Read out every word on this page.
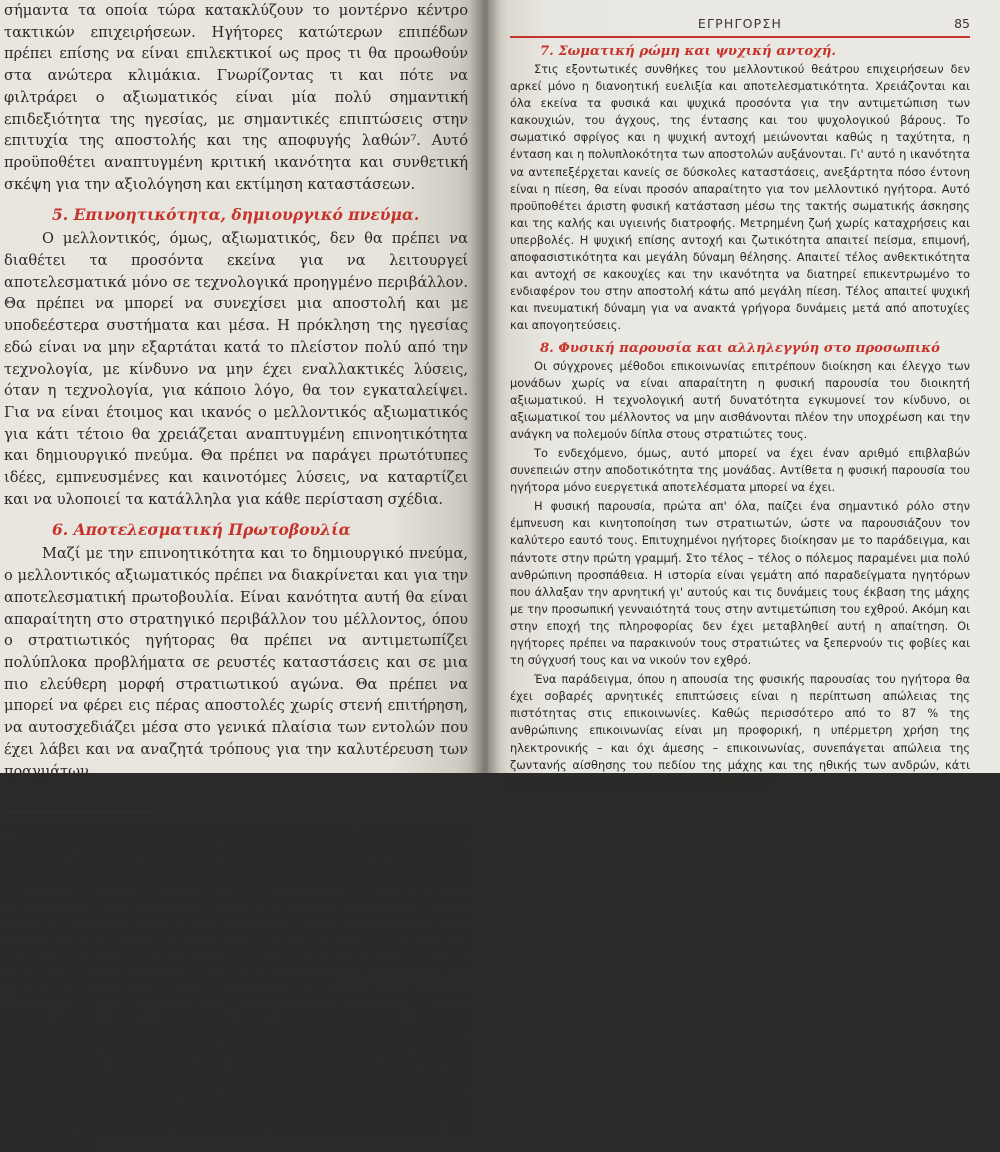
σήμαντα τα οποία τώρα κατακλύζουν το μοντέρνο κέντρο τακτικών επιχειρήσεων. Ηγήτορες κατώτερων επιπέδων πρέπει επίσης να είναι επιλεκτικοί ως προς τι θα προωθούν στα ανώτερα κλιμάκια. Γνωρίζοντας τι και πότε να φιλτράρει ο αξιωματικός είναι μία πολύ σημαντική επιδεξιότητα της ηγεσίας, με σημαντικές επιπτώσεις στην επιτυχία της αποστολής και της αποφυγής λαθών⁷. Αυτό προϋποθέτει αναπτυγμένη κριτική ικανότητα και συνθετική σκέψη για την αξιολόγηση και εκτίμηση καταστάσεων.

5. Επινοητικότητα, δημιουργικό πνεύμα.

Ο μελλοντικός, όμως, αξιωματικός, δεν θα πρέπει να διαθέτει τα προσόντα εκείνα για να λειτουργεί αποτελεσματικά μόνο σε τεχνολογικά προηγμένο περιβάλλον. Θα πρέπει να μπορεί να συνεχίσει μια αποστολή και με υποδεέστερα συστήματα και μέσα. Η πρόκληση της ηγεσίας εδώ είναι να μην εξαρτάται κατά το πλείστον πολύ από την τεχνολογία, με κίνδυνο να μην έχει εναλλακτικές λύσεις, όταν η τεχνολογία, για κάποιο λόγο, θα τον εγκαταλείψει. Για να είναι έτοιμος και ικανός ο μελλοντικός αξιωματικός για κάτι τέτοιο θα χρειάζεται αναπτυγμένη επινοητικότητα και δημιουργικό πνεύμα. Θα πρέπει να παράγει πρωτότυπες ιδέες, εμπνευσμένες και καινοτόμες λύσεις, να καταρτίζει και να υλοποιεί τα κατάλληλα για κάθε περίσταση σχέδια.

6. Αποτελεσματική Πρωτοβουλία

Μαζί με την επινοητικότητα και το δημιουργικό πνεύμα, ο μελλοντικός αξιωματικός πρέπει να διακρίνεται και για την αποτελεσματική πρωτοβουλία. Είναι κανότητα αυτή θα είναι απαραίτητη στο στρατηγικό περιβάλλον του μέλλοντος, όπου ο στρατιωτικός ηγήτορας θα πρέπει να αντιμετωπίζει πολύπλοκα προβλήματα σε ρευστές καταστάσεις και σε μια πιο ελεύθερη μορφή στρατιωτικού αγώνα. Θα πρέπει να μπορεί να φέρει εις πέρας αποστολές χωρίς στενή επιτήρηση, να αυτοσχεδιάζει μέσα στο γενικά πλαίσια των εντολών που έχει λάβει και να αναζητά τρόπους για την καλυτέρευση των πραγμάτων.

$^7$ Παραδείγματα από πρόσφατες πολεμικές επιχειρήσεις μας υπενθυμίζουν ότι το θέμα της λήψης αποφάσεων, ακόμα και στην εποχή της πληροφορίας, παραμένει υποκείμενο σε λάθη και αστοχίες. Συγκεκριμένα «η επιτροπή της έρευνας για την προσβολή και κατάρριψη ενός ιρανικού αεροσκάφους στην ζώνη του πολέμου του Κόλπου από το USS Vincennes το 1988 κατέληξε ότι το σύστημα πυραύλων Aegis του πολεμικού πλοίου, ικανό να αναγνωρίζει και να «κλειδώνει» μεγάλο αριθμό στόχων σε μεγάλη ακτίνα, χρησιμοποιώντας σε μεγάλο βαθμό «τεχνική νοημοσύνη» έδωσε αντιδράσει λανθασμένα. Αυτό δεν προκλήθηκε από κάποια τεχνική βλάβη αλλά από ανθρώπινο λάθος. Τα δεδομένα, είχαν «αξιολογηθεί λάθος» από το πλήρωμα.
Ένα άλλο χαρακτηριστικό παράδειγμα είναι «το αδελφοκτόνο ατύχημα στο Βόρειο Ιράκ. Στην περίπτωση, ένα αεροματαφερόμενο σύστημα προειδοποίησης και ελέγχου και ένα πλήθος πληροφοριών, όμως κατέρριψαν εσφαλμένα δύο φιλικά ελικόπτερα. Αυτό το αναγνώρισαν και στη συνέχεια προσέβαλαν και κατέστρεψαν, μεν την σωστή πληροφορία, αλλά το δυο ατυχέστατα παραδείγματα τεχνολογίας που μας παρέχει από αυτό συνάγεται ότι η ερμηνευμένη με λάθος τρόπο. Λάθος που οδήγησε στην καταστροφή». Από αυτό συνάγεται ότι η εσφαλμένη πληροφορία δεν είναι λύση για σωστή πληροφορία σε περιβάλλον πολεμικό στην εποχή της πληροφορίας και της πληροφόρησης.

ΕΓΡΗΓΟΡΣΗ	85
7. Σωματική ρώμη και ψυχική αντοχή.

Στις εξοντωτικές συνθήκες του μελλοντικού θεάτρου επιχειρήσεων δεν αρκεί μόνο η διανοητική ευελιξία και αποτελεσματικότητα. Χρειάζονται και όλα εκείνα τα φυσικά και ψυχικά προσόντα για την αντιμετώπιση των κακουχιών, του άγχους, της έντασης και του ψυχολογικού βάρους. Το σωματικό σφρίγος και η ψυχική αντοχή μειώνονται καθώς η ταχύτητα, η ένταση και η πολυπλοκότητα των αποστολών αυξάνονται. Γι' αυτό η ικανότητα να αντεπεξέρχεται κανείς σε δύσκολες καταστάσεις, ανεξάρτητα πόσο έντονη είναι η πίεση, θα είναι προσόν απαραίτητο για τον μελλοντικό ηγήτορα. Αυτό προϋποθέτει άριστη φυσική κατάσταση μέσω της τακτής σωματικής άσκησης και της καλής και υγιεινής διατροφής. Μετρημένη ζωή χωρίς καταχρήσεις και υπερβολές. Η ψυχική επίσης αντοχή και ζωτικότητα απαιτεί πείσμα, επιμονή, αποφασιστικότητα και μεγάλη δύναμη θέλησης. Απαιτεί τέλος ανθεκτικότητα και αντοχή σε κακουχίες και την ικανότητα να διατηρεί επικεντρωμένο το ενδιαφέρον του στην αποστολή κάτω από μεγάλη πίεση. Τέλος απαιτεί ψυχική και πνευματική δύναμη για να ανακτά γρήγορα δυνάμεις μετά από αποτυχίες και απογοητεύσεις.

8. Φυσική παρουσία και αλληλεγγύη στο προσωπικό

Οι σύγχρονες μέθοδοι επικοινωνίας επιτρέπουν διοίκηση και έλεγχο των μονάδων χωρίς να είναι απαραίτητη η φυσική παρουσία του διοικητή αξιωματικού. Η τεχνολογική αυτή δυνατότητα εγκυμονεί τον κίνδυνο, οι αξιωματικοί του μέλλοντος να μην αισθάνονται πλέον την υποχρέωση και την ανάγκη να πολεμούν δίπλα στους στρατιώτες τους.

Το ενδεχόμενο, όμως, αυτό μπορεί να έχει έναν αριθμό επιβλαβών συνεπειών στην αποδοτικότητα της μονάδας. Αντίθετα η φυσική παρουσία του ηγήτορα μόνο ευεργετικά αποτελέσματα μπορεί να έχει.

Η φυσική παρουσία, πρώτα απ' όλα, παίζει ένα σημαντικό ρόλο στην έμπνευση και κινητοποίηση των στρατιωτών, ώστε να παρουσιάζουν τον καλύτερο εαυτό τους. Επιτυχημένοι ηγήτορες διοίκησαν με το παράδειγμα, και πάντοτε στην πρώτη γραμμή. Στο τέλος – τέλος ο πόλεμος παραμένει μια πολύ ανθρώπινη προσπάθεια. Η ιστορία είναι γεμάτη από παραδείγματα ηγητόρων που άλλαξαν την αρνητική γι' αυτούς και τις δυνάμεις τους έκβαση της μάχης με την προσωπική γενναιότητά τους στην αντιμετώπιση του εχθρού. Ακόμη και στην εποχή της πληροφορίας δεν έχει μεταβληθεί αυτή η απαίτηση. Οι ηγήτορες πρέπει να παρακινούν τους στρατιώτες να ξεπερνούν τις φοβίες και τη σύγχυσή τους και να νικούν τον εχθρό.

Ένα παράδειγμα, όπου η απουσία της φυσικής παρουσίας του ηγήτορα θα έχει σοβαρές αρνητικές επιπτώσεις είναι η περίπτωση απώλειας της πιστότητας στις επικοινωνίες. Καθώς περισσότερο από το 87 % της ανθρώπινης επικοινωνίας είναι μη προφορική, η υπέρμετρη χρήση της ηλεκτρονικής – και όχι άμεσης – επικοινωνίας, συνεπάγεται απώλεια της ζωντανής αίσθησης του πεδίου της μάχης και της ηθικής των ανδρών, κάτι που προκύπτει μόνο από την λήψη και επεξερ-
